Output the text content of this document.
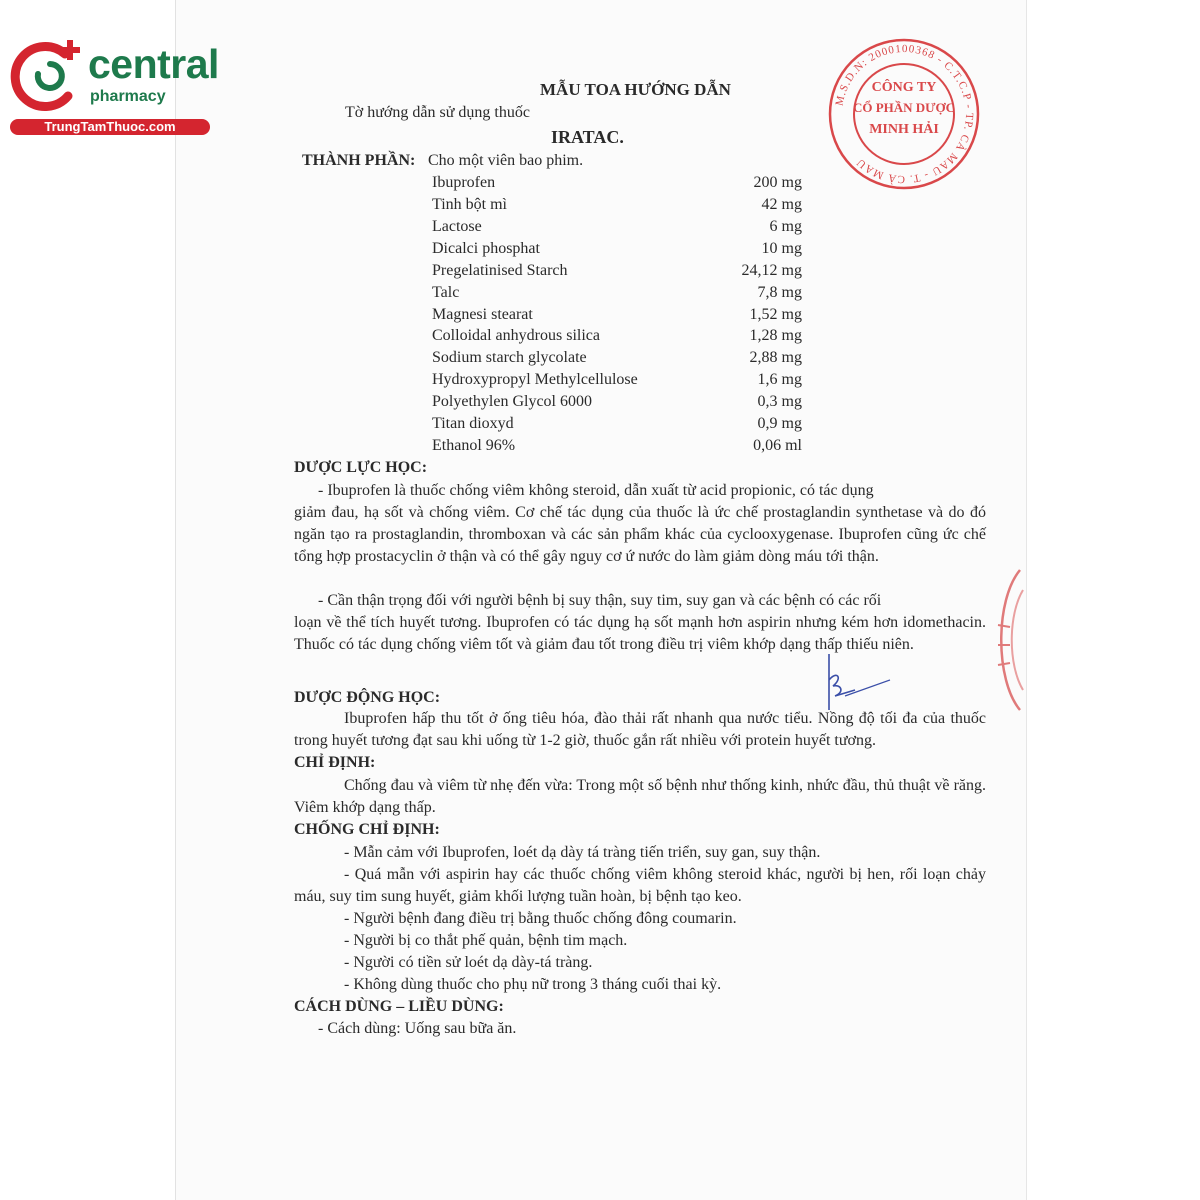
central
pharmacy
TrungTamThuoc.com
M.S.D.N: 2000100368 - C.T.C.P - TP. CÀ MAU - T. CÀ MAU
CÔNG TY
CỔ PHẦN DƯỢC
MINH HẢI
MẪU TOA HƯỚNG DẪN
Tờ hướng dẫn sử dụng thuốc
IRATAC.
THÀNH PHẦN: Cho một viên bao phim.
Ibuprofen	200 mg
Tinh bột mì	42 mg
Lactose	6 mg
Dicalci phosphat	10 mg
Pregelatinised Starch	24,12 mg
Talc	7,8 mg
Magnesi stearat	1,52 mg
Colloidal anhydrous silica	1,28 mg
Sodium starch glycolate	2,88 mg
Hydroxypropyl Methylcellulose	1,6 mg
Polyethylen Glycol 6000	0,3 mg
Titan dioxyd	0,9 mg
Ethanol 96%	0,06 ml
DƯỢC LỰC HỌC:
- Ibuprofen là thuốc chống viêm không steroid, dẫn xuất từ acid propionic, có tác dụng
giảm đau, hạ sốt và chống viêm. Cơ chế tác dụng của thuốc là ức chế prostaglandin synthetase và do đó ngăn tạo ra prostaglandin, thromboxan và các sản phẩm khác của cyclooxygenase. Ibuprofen cũng ức chế tổng hợp prostacyclin ở thận và có thể gây nguy cơ ứ nước do làm giảm dòng máu tới thận.
- Cần thận trọng đối với người bệnh bị suy thận, suy tim, suy gan và các bệnh có các rối
loạn về thể tích huyết tương. Ibuprofen có tác dụng hạ sốt mạnh hơn aspirin nhưng kém hơn idomethacin. Thuốc có tác dụng chống viêm tốt và giảm đau tốt trong điều trị viêm khớp dạng thấp thiếu niên.
DƯỢC ĐỘNG HỌC:
Ibuprofen hấp thu tốt ở ống tiêu hóa, đào thải rất nhanh qua nước tiểu. Nồng độ tối đa của thuốc trong huyết tương đạt sau khi uống từ 1-2 giờ, thuốc gắn rất nhiều với protein huyết tương.
CHỈ ĐỊNH:
Chống đau và viêm từ nhẹ đến vừa: Trong một số bệnh như thống kinh, nhức đầu, thủ thuật về răng. Viêm khớp dạng thấp.
CHỐNG CHỈ ĐỊNH:
- Mẫn cảm với Ibuprofen, loét dạ dày tá tràng tiến triển, suy gan, suy thận.
- Quá mẫn với aspirin hay các thuốc chống viêm không steroid khác, người bị hen, rối loạn chảy máu, suy tim sung huyết, giảm khối lượng tuần hoàn, bị bệnh tạo keo.
- Người bệnh đang điều trị bằng thuốc chống đông coumarin.
- Người bị co thắt phế quản, bệnh tim mạch.
- Người có tiền sử loét dạ dày-tá tràng.
- Không dùng thuốc cho phụ nữ trong 3 tháng cuối thai kỳ.
CÁCH DÙNG – LIỀU DÙNG:
- Cách dùng: Uống sau bữa ăn.
